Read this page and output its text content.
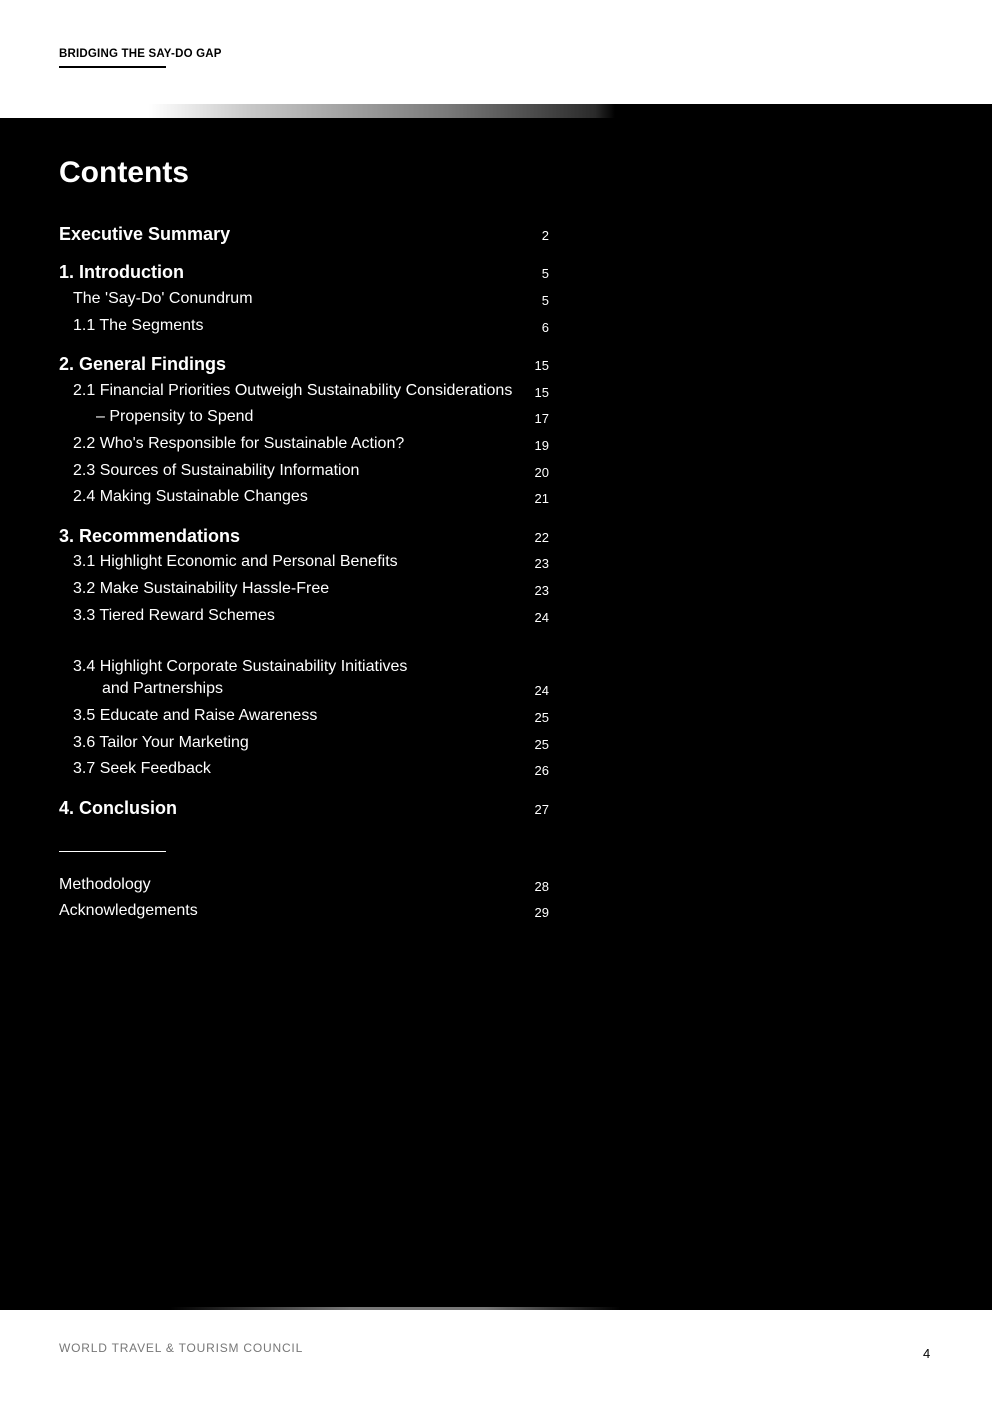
BRIDGING THE SAY-DO GAP
Contents
Executive Summary	2
1. Introduction	5
The 'Say-Do' Conundrum	5
1.1 The Segments	6
2. General Findings	15
2.1 Financial Priorities Outweigh Sustainability Considerations 15
– Propensity to Spend	17
2.2 Who's Responsible for Sustainable Action?	19
2.3 Sources of Sustainability Information	20
2.4 Making Sustainable Changes	21
3. Recommendations	22
3.1 Highlight Economic and Personal Benefits	23
3.2 Make Sustainability Hassle-Free	23
3.3 Tiered Reward Schemes	24
3.4 Highlight Corporate Sustainability Initiatives
and Partnerships	24
3.5 Educate and Raise Awareness	25
3.6 Tailor Your Marketing	25
3.7 Seek Feedback	26
4. Conclusion	27
Methodology	28
Acknowledgements	29
WORLD TRAVEL & TOURISM COUNCIL	4
